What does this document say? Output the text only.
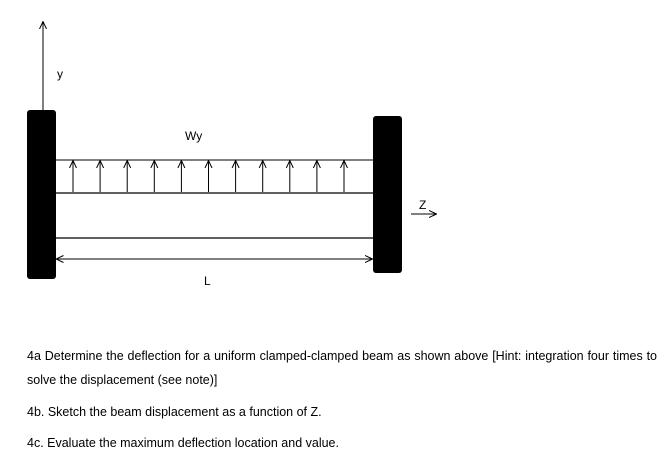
y
Wy
Z
L

4a Determine the deflection for a uniform clamped-clamped beam as shown above [Hint: integration four times to solve the displacement (see note)]

4b. Sketch the beam displacement as a function of Z.

4c. Evaluate the maximum deflection location and value.
